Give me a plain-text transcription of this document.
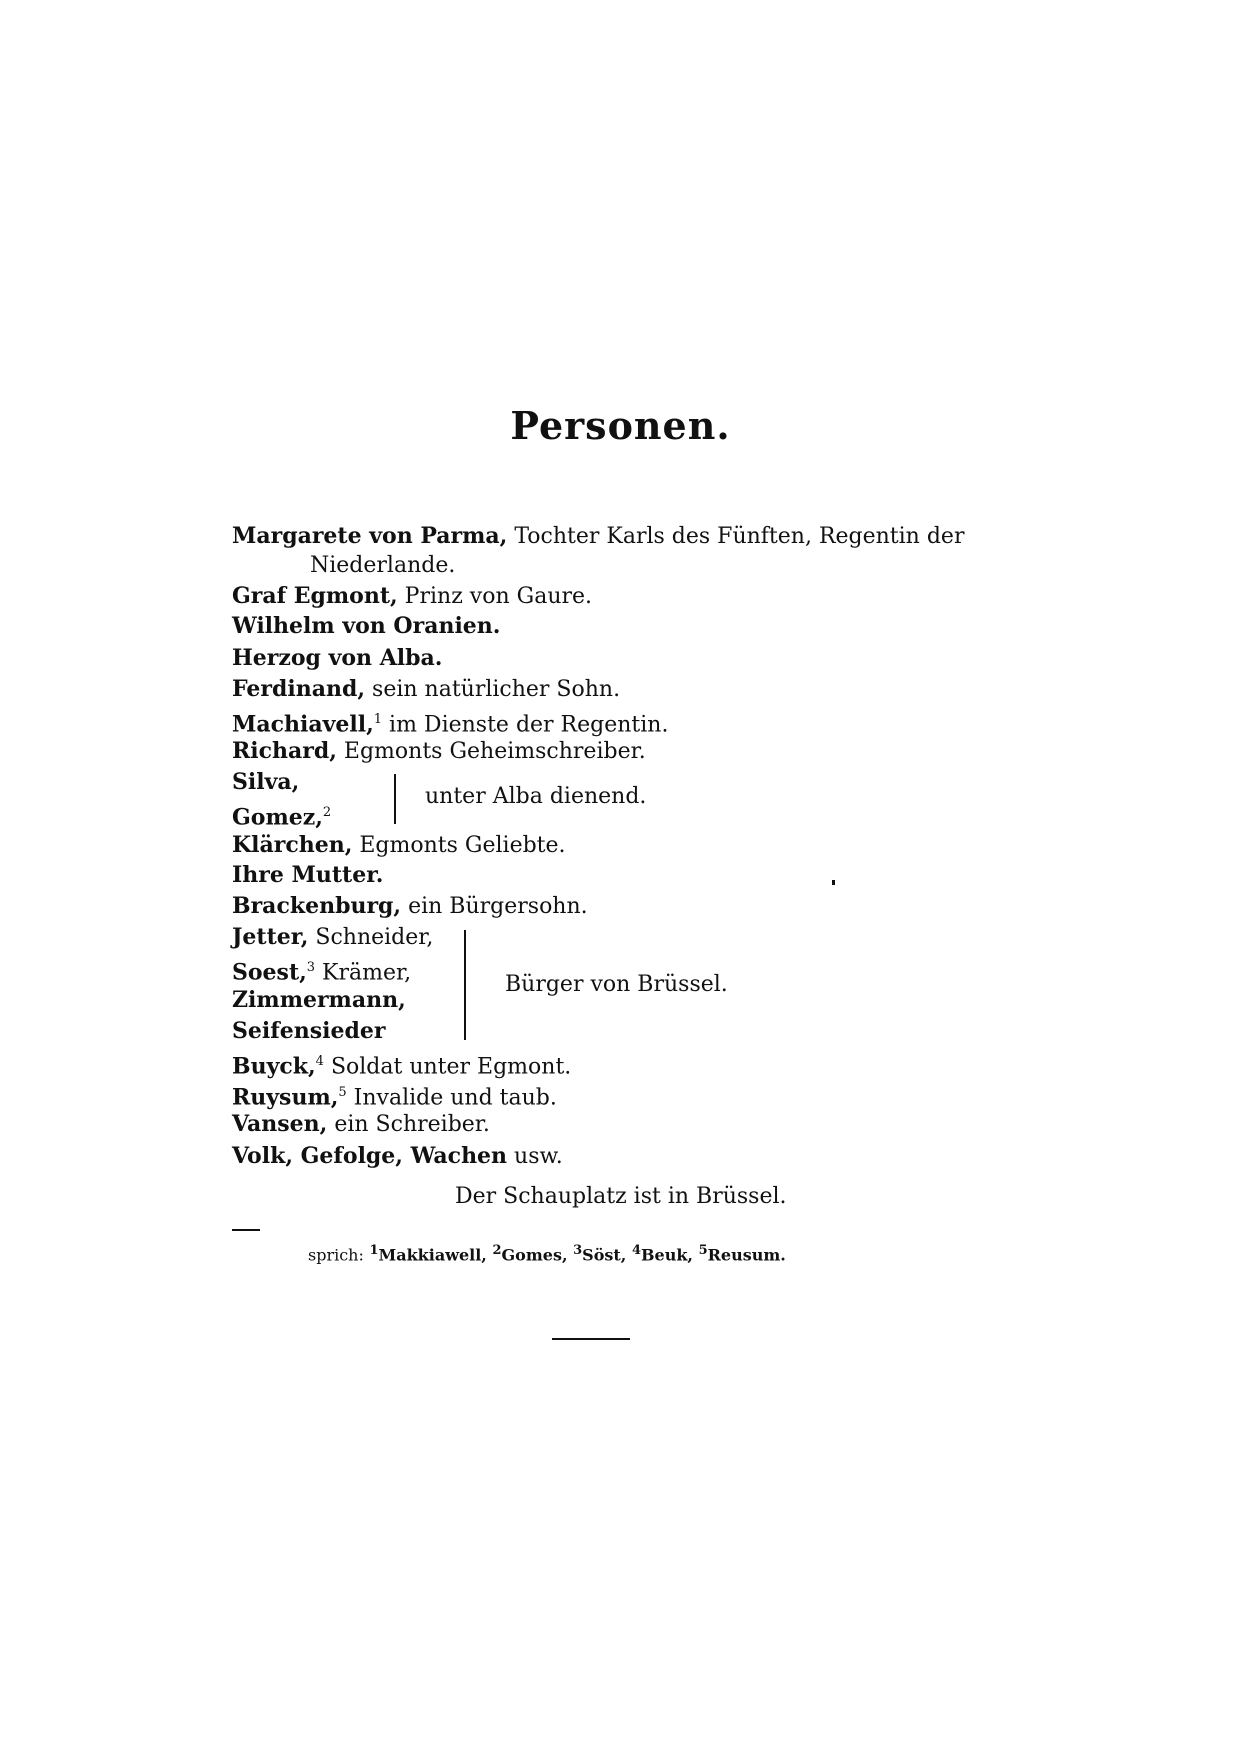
Personen.
Margarete von Parma, Tochter Karls des Fünften, Regentin der
Niederlande.
Graf Egmont, Prinz von Gaure.
Wilhelm von Oranien.
Herzog von Alba.
Ferdinand, sein natürlicher Sohn.
Machiavell,$^1$ im Dienste der Regentin.
Richard, Egmonts Geheimschreiber.
Silva,
Gomez,$^2$
unter Alba dienend.
Klärchen, Egmonts Geliebte.
Ihre Mutter.
Brackenburg, ein Bürgersohn.
Jetter, Schneider,
Soest,$^3$ Krämer,
Zimmermann,
Seifensieder
Bürger von Brüssel.
Buyck,$^4$ Soldat unter Egmont.
Ruysum,$^5$ Invalide und taub.
Vansen, ein Schreiber.
Volk, Gefolge, Wachen usw.
Der Schauplatz ist in Brüssel.
sprich: $^1$Makkiawell, $^2$Gomes, $^3$Söst, $^4$Beuk, $^5$Reusum.
